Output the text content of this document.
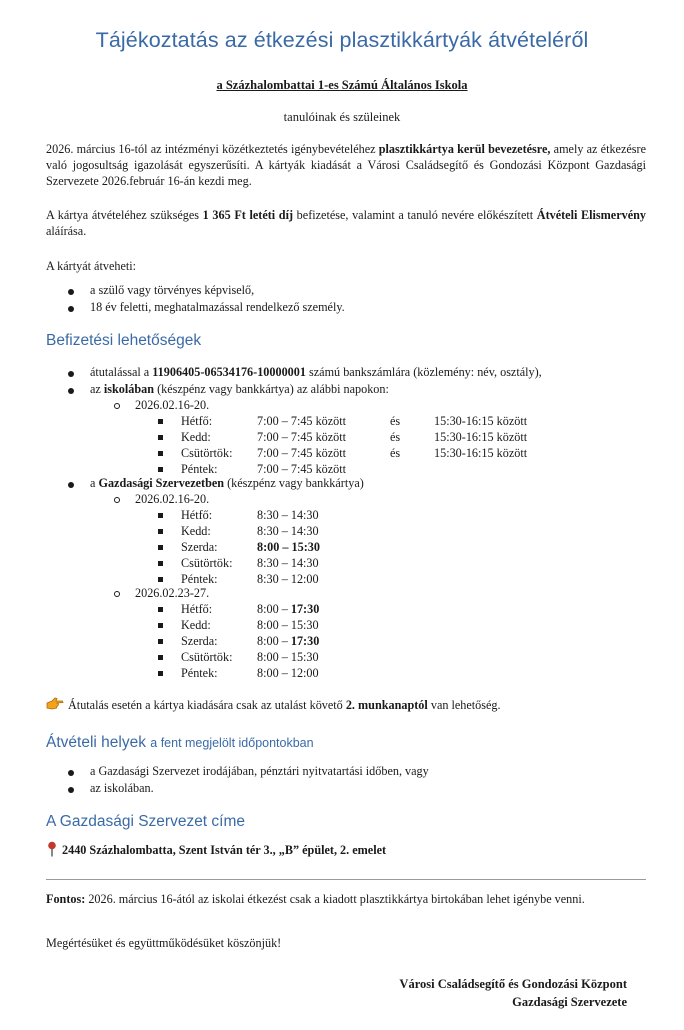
Tájékoztatás az étkezési plasztikkártyák átvételéről
a Százhalombattai 1-es Számú Általános Iskola
tanulóinak és szüleinek
2026. március 16-tól az intézményi közétkeztetés igénybevételéhez plasztikkártya kerül bevezetésre, amely az étkezésre való jogosultság igazolását egyszerűsíti. A kártyák kiadását a Városi Családsegítő és Gondozási Központ Gazdasági Szervezete 2026.február 16-án kezdi meg.
A kártya átvételéhez szükséges 1 365 Ft letéti díj befizetése, valamint a tanuló nevére előkészített Átvételi Elismervény aláírása.
A kártyát átveheti:
a szülő vagy törvényes képviselő,
18 év feletti, meghatalmazással rendelkező személy.
Befizetési lehetőségek
átutalással a 11906405-06534176-10000001 számú bankszámlára (közlemény: név, osztály),
az iskolában (készpénz vagy bankkártya) az alábbi napokon:
2026.02.16-20.
Hétfő:	7:00 – 7:45 között	és	15:30-16:15 között
Kedd:	7:00 – 7:45 között	és	15:30-16:15 között
Csütörtök: 7:00 – 7:45 között	és	15:30-16:15 között
Péntek:	7:00 – 7:45 között
a Gazdasági Szervezetben (készpénz vagy bankkártya)
2026.02.16-20.
Hétfő:	8:30 – 14:30
Kedd:	8:30 – 14:30
Szerda:	8:00 – 15:30
Csütörtök: 8:30 – 14:30
Péntek:	8:30 – 12:00
2026.02.23-27.
Hétfő:	8:00 – 17:30
Kedd:	8:00 – 15:30
Szerda:	8:00 – 17:30
Csütörtök: 8:00 – 15:30
Péntek:	8:00 – 12:00
Átutalás esetén a kártya kiadására csak az utalást követő 2. munkanaptól van lehetőség.
Átvételi helyek a fent megjelölt időpontokban
a Gazdasági Szervezet irodájában, pénztári nyitvatartási időben, vagy
az iskolában.
A Gazdasági Szervezet címe
2440 Százhalombatta, Szent István tér 3., „B” épület, 2. emelet
Fontos: 2026. március 16-ától az iskolai étkezést csak a kiadott plasztikkártya birtokában lehet igénybe venni.
Megértésüket és együttműködésüket köszönjük!
Városi Családsegítő és Gondozási Központ
Gazdasági Szervezete
